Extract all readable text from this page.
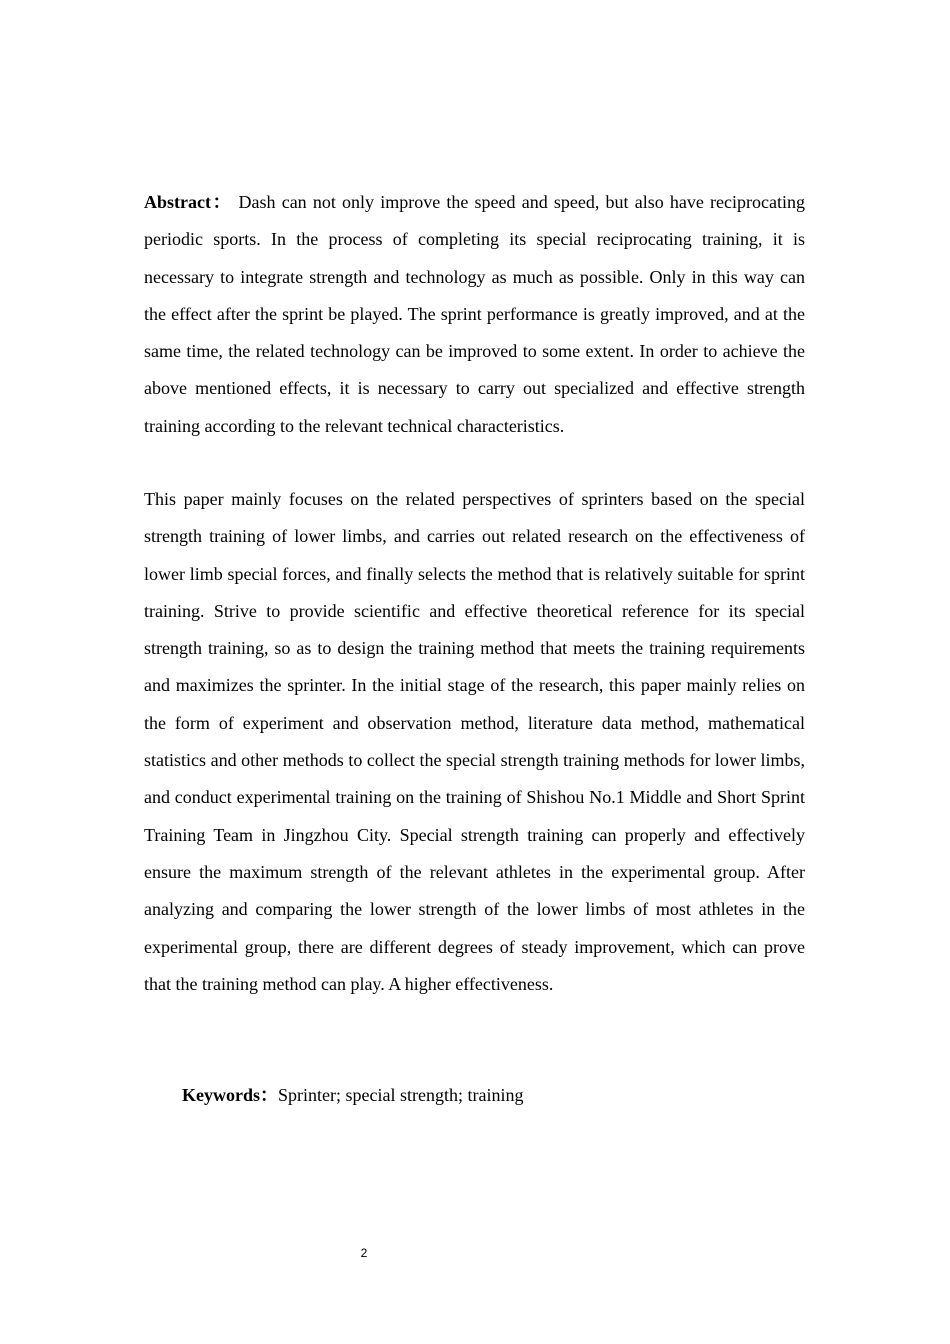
Abstract： Dash can not only improve the speed and speed, but also have reciprocating periodic sports. In the process of completing its special reciprocating training, it is necessary to integrate strength and technology as much as possible. Only in this way can the effect after the sprint be played. The sprint performance is greatly improved, and at the same time, the related technology can be improved to some extent. In order to achieve the above mentioned effects, it is necessary to carry out specialized and effective strength training according to the relevant technical characteristics.

This paper mainly focuses on the related perspectives of sprinters based on the special strength training of lower limbs, and carries out related research on the effectiveness of lower limb special forces, and finally selects the method that is relatively suitable for sprint training. Strive to provide scientific and effective theoretical reference for its special strength training, so as to design the training method that meets the training requirements and maximizes the sprinter. In the initial stage of the research, this paper mainly relies on the form of experiment and observation method, literature data method, mathematical statistics and other methods to collect the special strength training methods for lower limbs, and conduct experimental training on the training of Shishou No.1 Middle and Short Sprint Training Team in Jingzhou City. Special strength training can properly and effectively ensure the maximum strength of the relevant athletes in the experimental group. After analyzing and comparing the lower strength of the lower limbs of most athletes in the experimental group, there are different degrees of steady improvement, which can prove that the training method can play. A higher effectiveness.

Keywords：Sprinter; special strength; training

2
